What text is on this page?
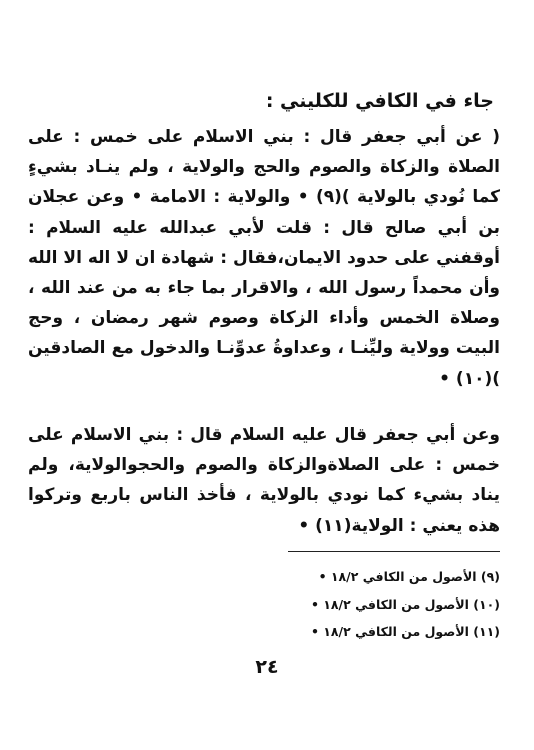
جاء في الكافي للكليني :
( عن أبي جعفر قال : بني الاسلام على خمس : على الصلاة والزكاة والصوم والحج والولاية ، ولم ينـاد بشيءٍ كما نُودي بالولاية )(٩) • والولاية : الامامة • وعن عجلان بن أبي صالح قال : قلت لأبي عبدالله عليه السلام : أوقفني على حدود الايمان،فقال : شهادة ان لا اله الا الله وأن محمداً رسول الله ، والاقرار بما جاء به من عند الله ، وصلاة الخمس وأداء الزكاة وصوم شهر رمضان ، وحج البيت وولاية وليِّنـا ، وعداوةُ عدوِّنـا والدخول مع الصادقين )(١٠) •
وعن أبي جعفر قال عليه السلام قال : بني الاسلام على خمس : على الصلاةوالزكاة والصوم والحجوالولاية، ولم يناد بشيء كما نودي بالولاية ، فأخذ الناس باربع وتركوا هذه يعني : الولاية(١١) •
(٩) الأصول من الكافي ١٨/٢ •
(١٠) الأصول من الكافي ١٨/٢ •
(١١) الأصول من الكافي ١٨/٢ •
٢٤
